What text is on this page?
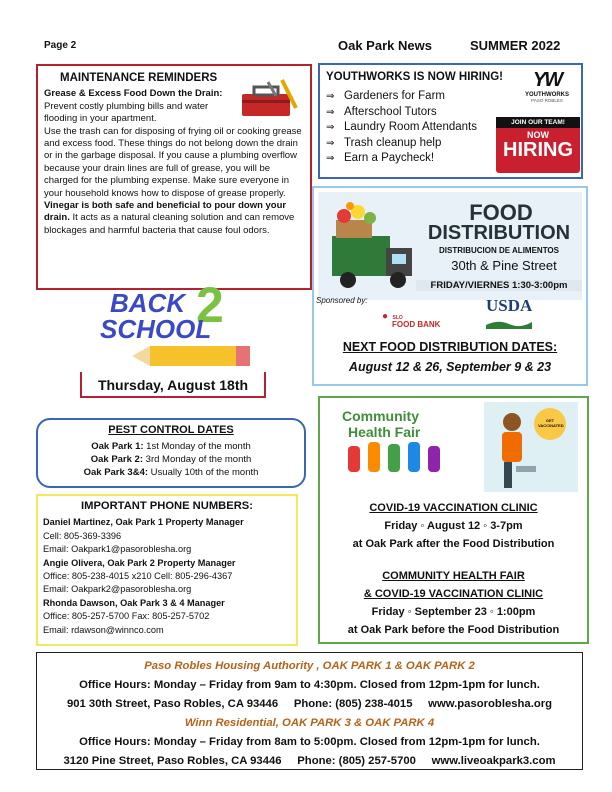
Page 2	Oak Park News	SUMMER 2022
MAINTENANCE REMINDERS
Grease & Excess Food Down the Drain: Prevent costly plumbing bills and water flooding in your apartment.
Use the trash can for disposing of frying oil or cooking grease and excess food. These things do not belong down the drain or in the garbage disposal. If you cause a plumbing overflow because your drain lines are full of grease, you will be charged for the plumbing expense. Make sure everyone in your household knows how to dispose of grease properly. Vinegar is both safe and beneficial to pour down your drain. It acts as a natural cleaning solution and can remove blockages and harmful bacteria that cause foul odors.
YOUTHWORKS IS NOW HIRING!
⇒ Gardeners for Farm
⇒ Afterschool Tutors
⇒ Laundry Room Attendants
⇒ Trash cleanup help
⇒ Earn a Paycheck!
YW
YOUTHWORKS
PASO ROBLES
JOIN OUR TEAM!
NOW
HIRING
FOOD
DISTRIBUTION
DISTRIBUCION DE ALIMENTOS
30th & Pine Street
FRIDAY/VIERNES 1:30-3:00pm
Sponsored by:
● SLO
FOOD BANK
USDA
NEXT FOOD DISTRIBUTION DATES:
August 12 & 26, September 9 & 23
BACK 2
SCHOOL
Thursday, August 18th
PEST CONTROL DATES
Oak Park 1: 1st Monday of the month
Oak Park 2: 3rd Monday of the month
Oak Park 3&4: Usually 10th of the month
IMPORTANT PHONE NUMBERS:
Daniel Martinez, Oak Park 1 Property Manager
Cell: 805-369-3396
Email: Oakpark1@pasoroblesha.org
Angie Olivera, Oak Park 2 Property Manager
Office: 805-238-4015 x210 Cell: 805-296-4367
Email: Oakpark2@pasoroblesha.org
Rhonda Dawson, Oak Park 3 & 4 Manager
Office: 805-257-5700 Fax: 805-257-5702
Email: rdawson@winnco.com
Community
Health Fair
GET VACCINATED
COVID-19 VACCINATION CLINIC
Friday ◦ August 12 ◦ 3-7pm
at Oak Park after the Food Distribution
COMMUNITY HEALTH FAIR
& COVID-19 VACCINATION CLINIC
Friday ◦ September 23 ◦ 1:00pm
at Oak Park before the Food Distribution
Paso Robles Housing Authority , OAK PARK 1 & OAK PARK 2
Office Hours: Monday – Friday from 9am to 4:30pm. Closed from 12pm-1pm for lunch.
901 30th Street, Paso Robles, CA 93446     Phone: (805) 238-4015     www.pasoroblesha.org
Winn Residential, OAK PARK 3 & OAK PARK 4
Office Hours: Monday – Friday from 8am to 5:00pm. Closed from 12pm-1pm for lunch.
3120 Pine Street, Paso Robles, CA 93446     Phone: (805) 257-5700     www.liveoakpark3.com
